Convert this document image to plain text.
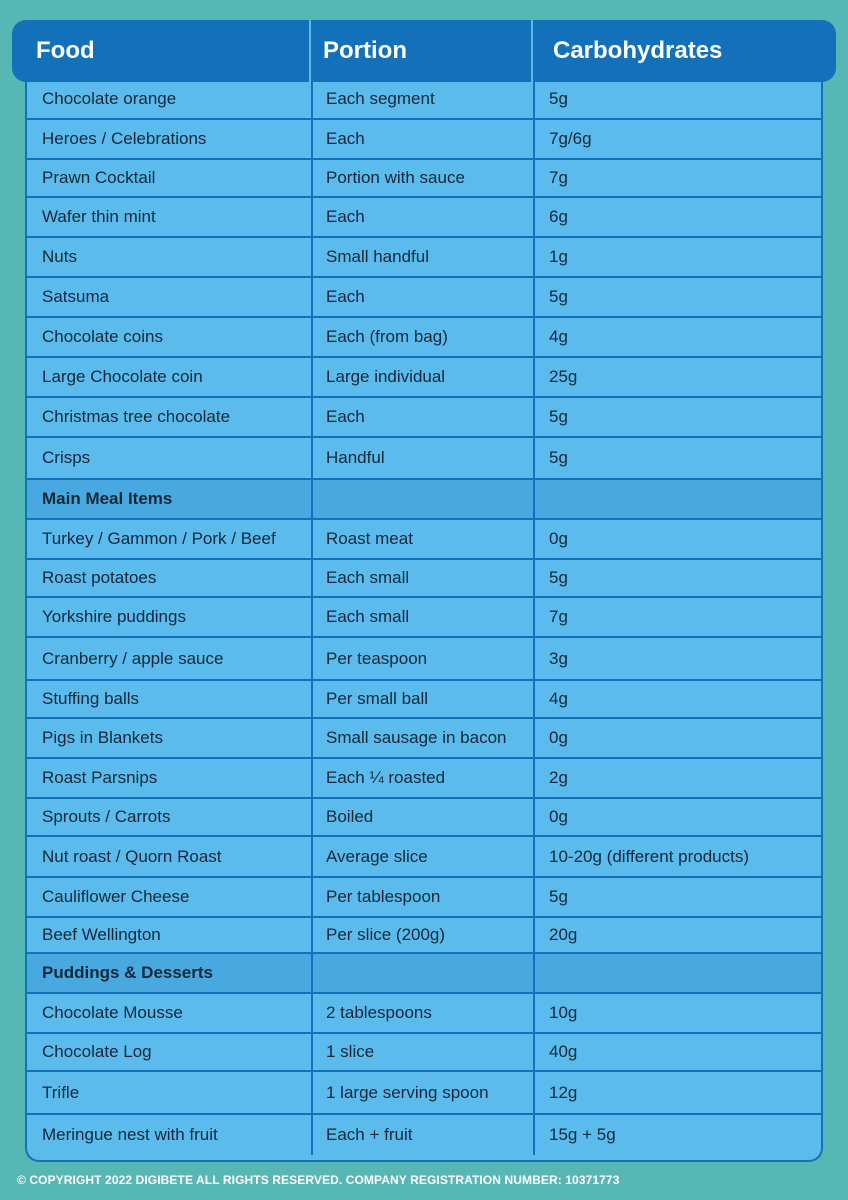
Food	Portion	Carbohydrates
Chocolate orange	Each segment	5g
Heroes / Celebrations	Each	7g/6g
Prawn Cocktail	Portion with sauce	7g
Wafer thin mint	Each	6g
Nuts	Small handful	1g
Satsuma	Each	5g
Chocolate coins	Each (from bag)	4g
Large Chocolate coin	Large individual	25g
Christmas tree chocolate	Each	5g
Crisps	Handful	5g
Main Meal Items
Turkey / Gammon / Pork / Beef	Roast meat	0g
Roast potatoes	Each small	5g
Yorkshire puddings	Each small	7g
Cranberry / apple sauce	Per teaspoon	3g
Stuffing balls	Per small ball	4g
Pigs in Blankets	Small sausage in bacon	0g
Roast Parsnips	Each ¼ roasted	2g
Sprouts / Carrots	Boiled	0g
Nut roast / Quorn Roast	Average slice	10-20g (different products)
Cauliflower Cheese	Per tablespoon	5g
Beef Wellington	Per slice (200g)	20g
Puddings & Desserts
Chocolate Mousse	2 tablespoons	10g
Chocolate Log	1 slice	40g
Trifle	1 large serving spoon	12g
Meringue nest with fruit	Each + fruit	15g + 5g
© COPYRIGHT 2022 DIGIBETE ALL RIGHTS RESERVED. COMPANY REGISTRATION NUMBER: 10371773
